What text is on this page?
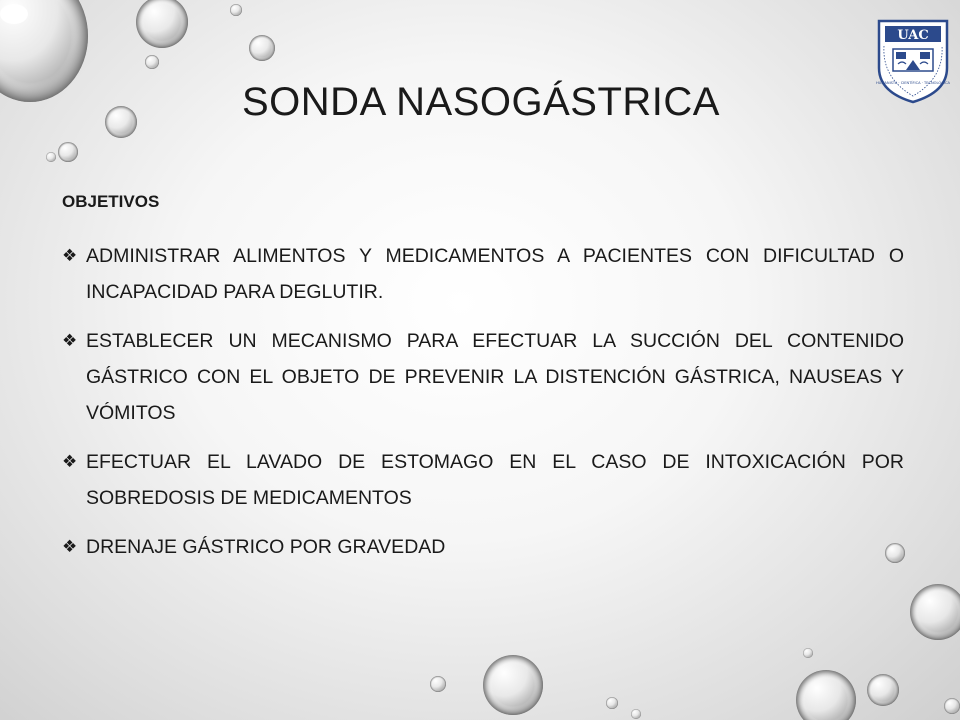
UAC
HUMANISTA · CIENTÍFICA · TECNOLÓGICA
SONDA NASOGÁSTRICA
OBJETIVOS
❖ ADMINISTRAR ALIMENTOS Y MEDICAMENTOS A PACIENTES CON DIFICULTAD O INCAPACIDAD PARA DEGLUTIR.
❖ ESTABLECER UN MECANISMO PARA EFECTUAR LA SUCCIÓN DEL CONTENIDO GÁSTRICO CON EL OBJETO DE PREVENIR LA DISTENCIÓN GÁSTRICA, NAUSEAS Y VÓMITOS
❖ EFECTUAR EL LAVADO DE ESTOMAGO EN EL CASO DE INTOXICACIÓN POR SOBREDOSIS DE MEDICAMENTOS
❖ DRENAJE GÁSTRICO POR GRAVEDAD
